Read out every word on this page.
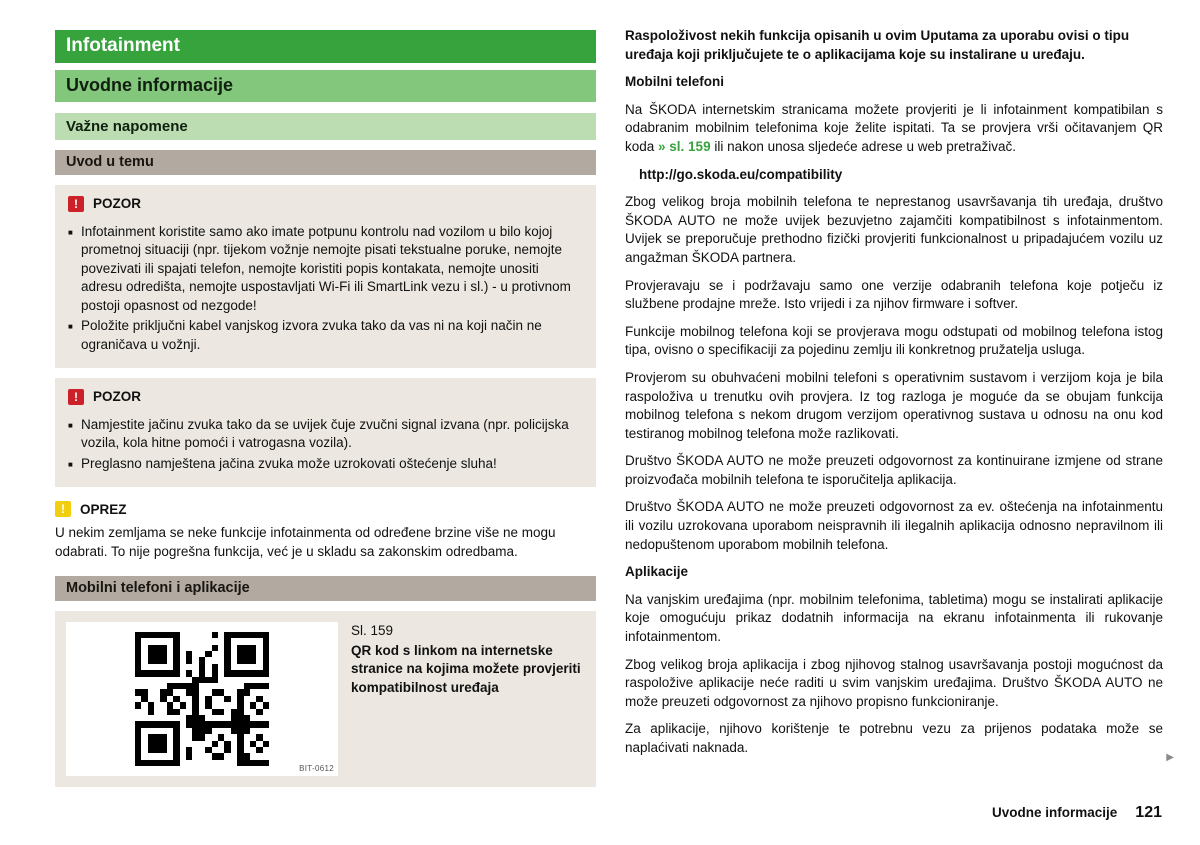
Infotainment
Uvodne informacije
Važne napomene
Uvod u temu
!	POZOR
■ Infotainment koristite samo ako imate potpunu kontrolu nad vozilom u bilo kojoj prometnoj situaciji (npr. tijekom vožnje nemojte pisati tekstualne poruke, nemojte povezivati ili spajati telefon, nemojte koristiti popis kontakata, nemojte unositi adresu odredišta, nemojte uspostavljati Wi-Fi ili SmartLink vezu i sl.) - u protivnom postoji opasnost od nezgode!
■ Položite priključni kabel vanjskog izvora zvuka tako da vas ni na koji način ne ograničava u vožnji.
!	POZOR
■ Namjestite jačinu zvuka tako da se uvijek čuje zvučni signal izvana (npr. policijska vozila, kola hitne pomoći i vatrogasna vozila).
■ Preglasno namještena jačina zvuka može uzrokovati oštećenje sluha!
!	OPREZ
U nekim zemljama se neke funkcije infotainmenta od određene brzine više ne mogu odabrati. To nije pogrešna funkcija, već je u skladu sa zakonskim odredbama.
Mobilni telefoni i aplikacije
BIT-0612
Sl. 159
QR kod s linkom na internetske stranice na kojima možete provjeriti kompatibilnost uređaja

Raspoloživost nekih funkcija opisanih u ovim Uputama za uporabu ovisi o tipu uređaja koji priključujete te o aplikacijama koje su instalirane u uređaju.

Mobilni telefoni

Na ŠKODA internetskim stranicama možete provjeriti je li infotainment kompatibilan s odabranim mobilnim telefonima koje želite ispitati. Ta se provjera vrši očitavanjem QR koda » sl. 159 ili nakon unosa sljedeće adrese u web pretraživač.

http://go.skoda.eu/compatibility

Zbog velikog broja mobilnih telefona te neprestanog usavršavanja tih uređaja, društvo ŠKODA AUTO ne može uvijek bezuvjetno zajamčiti kompatibilnost s infotainmentom. Uvijek se preporučuje prethodno fizički provjeriti funkcionalnost u pripadajućem vozilu uz angažman ŠKODA partnera.

Provjeravaju se i podržavaju samo one verzije odabranih telefona koje potječu iz službene prodajne mreže. Isto vrijedi i za njihov firmware i softver.

Funkcije mobilnog telefona koji se provjerava mogu odstupati od mobilnog telefona istog tipa, ovisno o specifikaciji za pojedinu zemlju ili konkretnog pružatelja usluga.

Provjerom su obuhvaćeni mobilni telefoni s operativnim sustavom i verzijom koja je bila raspoloživa u trenutku ovih provjera. Iz tog razloga je moguće da se obujam funkcija mobilnog telefona s nekom drugom verzijom operativnog sustava u odnosu na onu kod testiranog mobilnog telefona može razlikovati.

Društvo ŠKODA AUTO ne može preuzeti odgovornost za kontinuirane izmjene od strane proizvođača mobilnih telefona te isporučitelja aplikacija.

Društvo ŠKODA AUTO ne može preuzeti odgovornost za ev. oštećenja na infotainmentu ili vozilu uzrokovana uporabom neispravnih ili ilegalnih aplikacija odnosno nepravilnom ili nedopuštenom uporabom mobilnih telefona.

Aplikacije

Na vanjskim uređajima (npr. mobilnim telefonima, tabletima) mogu se instalirati aplikacije koje omogućuju prikaz dodatnih informacija na ekranu infotainmenta ili rukovanje infotainmentom.

Zbog velikog broja aplikacija i zbog njihovog stalnog usavršavanja postoji mogućnost da raspoložive aplikacije neće raditi u svim vanjskim uređajima. Društvo ŠKODA AUTO ne može preuzeti odgovornost za njihovo propisno funkcioniranje.

Za aplikacije, njihovo korištenje te potrebnu vezu za prijenos podataka može se naplaćivati naknada.

▶
Uvodne informacije 121
